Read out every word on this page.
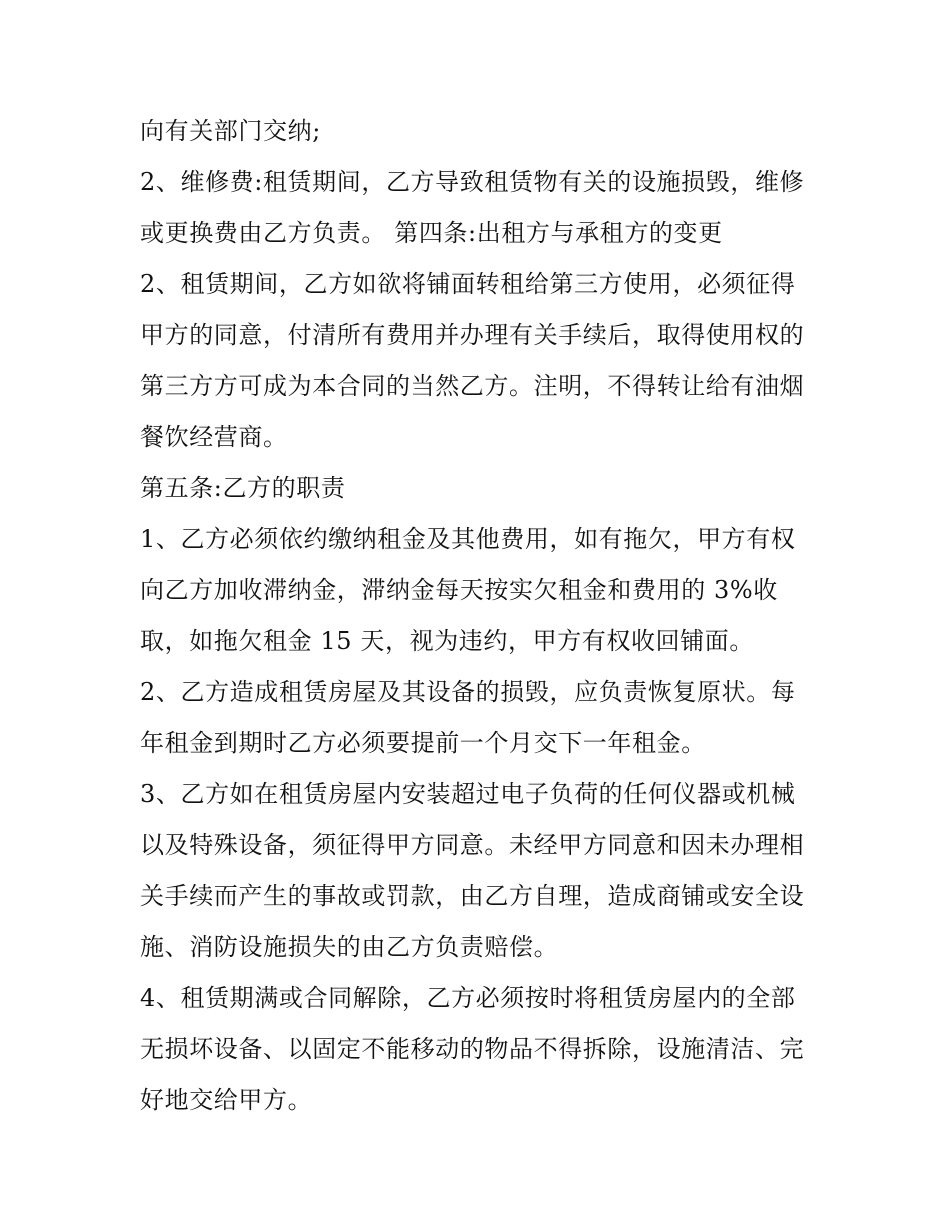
向有关部门交纳;
2、维修费:租赁期间，乙方导致租赁物有关的设施损毁，维修
或更换费由乙方负责。 第四条:出租方与承租方的变更
2、租赁期间，乙方如欲将铺面转租给第三方使用，必须征得
甲方的同意，付清所有费用并办理有关手续后，取得使用权的
第三方方可成为本合同的当然乙方。注明，不得转让给有油烟
餐饮经营商。
第五条:乙方的职责
1、乙方必须依约缴纳租金及其他费用，如有拖欠，甲方有权
向乙方加收滞纳金，滞纳金每天按实欠租金和费用的 3%收
取，如拖欠租金 15 天，视为违约，甲方有权收回铺面。
2、乙方造成租赁房屋及其设备的损毁，应负责恢复原状。每
年租金到期时乙方必须要提前一个月交下一年租金。
3、乙方如在租赁房屋内安装超过电子负荷的任何仪器或机械
以及特殊设备，须征得甲方同意。未经甲方同意和因未办理相
关手续而产生的事故或罚款，由乙方自理，造成商铺或安全设
施、消防设施损失的由乙方负责赔偿。
4、租赁期满或合同解除，乙方必须按时将租赁房屋内的全部
无损坏设备、以固定不能移动的物品不得拆除，设施清洁、完
好地交给甲方。
